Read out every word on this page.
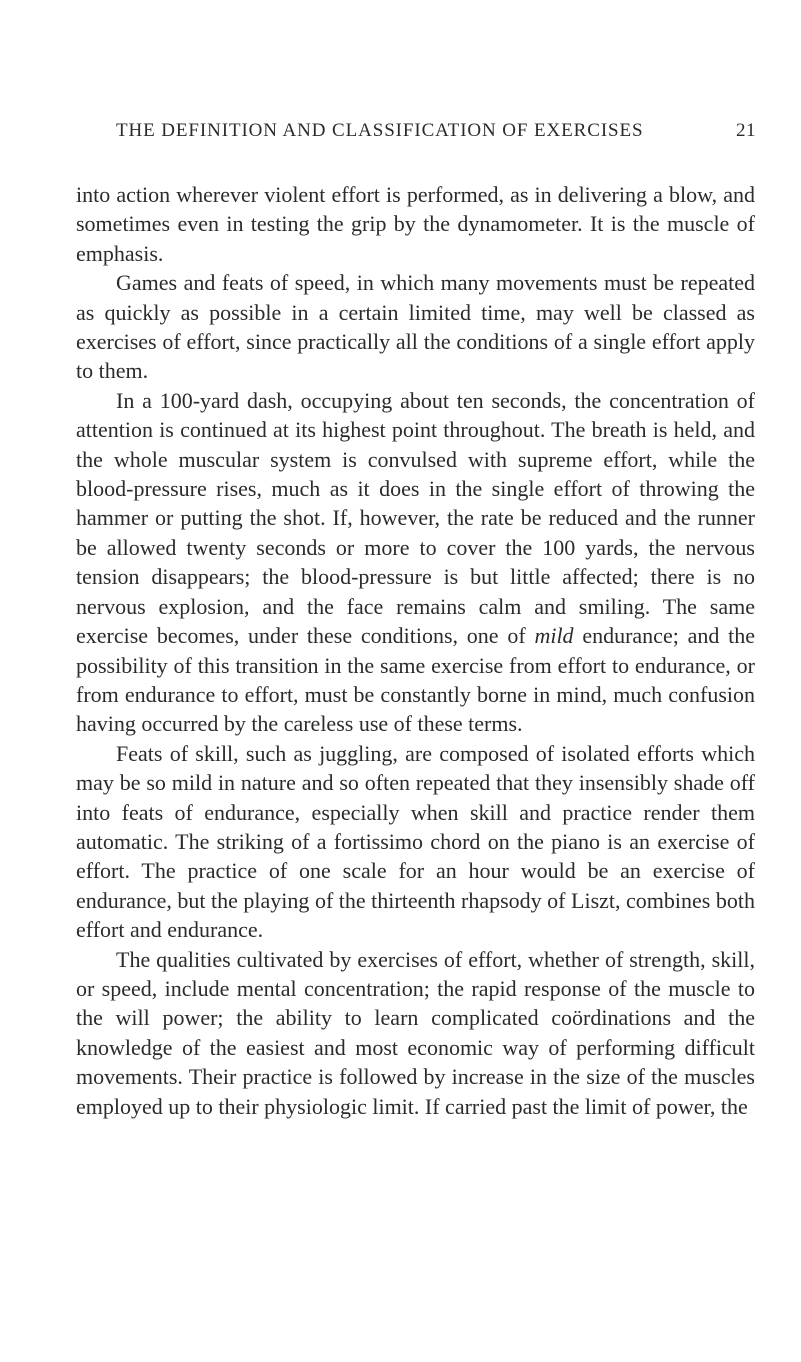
THE DEFINITION AND CLASSIFICATION OF EXERCISES	21

into action wherever violent effort is performed, as in delivering a blow, and sometimes even in testing the grip by the dynamometer. It is the muscle of emphasis.

Games and feats of speed, in which many movements must be repeated as quickly as possible in a certain limited time, may well be classed as exercises of effort, since practically all the conditions of a single effort apply to them.

In a 100-yard dash, occupying about ten seconds, the concentration of attention is continued at its highest point throughout. The breath is held, and the whole muscular system is convulsed with supreme effort, while the blood-pressure rises, much as it does in the single effort of throwing the hammer or putting the shot. If, however, the rate be reduced and the runner be allowed twenty seconds or more to cover the 100 yards, the nervous tension disappears; the blood-pressure is but little affected; there is no nervous explosion, and the face remains calm and smiling. The same exercise becomes, under these conditions, one of mild endurance; and the possibility of this transition in the same exercise from effort to endurance, or from endurance to effort, must be constantly borne in mind, much confusion having occurred by the careless use of these terms.

Feats of skill, such as juggling, are composed of isolated efforts which may be so mild in nature and so often repeated that they insensibly shade off into feats of endurance, especially when skill and practice render them automatic. The striking of a fortissimo chord on the piano is an exercise of effort. The practice of one scale for an hour would be an exercise of endurance, but the playing of the thirteenth rhapsody of Liszt, combines both effort and endurance.

The qualities cultivated by exercises of effort, whether of strength, skill, or speed, include mental concentration; the rapid response of the muscle to the will power; the ability to learn complicated coördinations and the knowledge of the easiest and most economic way of performing difficult movements. Their practice is followed by increase in the size of the muscles employed up to their physiologic limit. If carried past the limit of power, the
